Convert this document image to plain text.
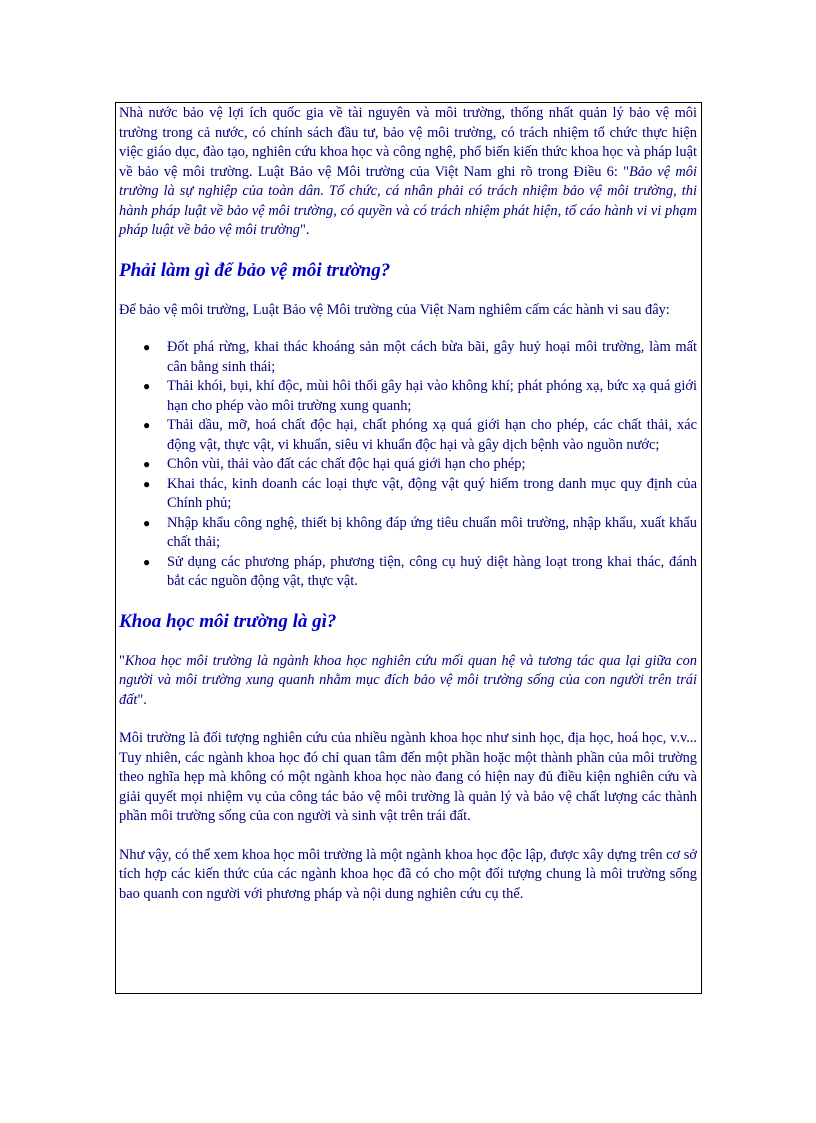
Nhà nước bảo vệ lợi ích quốc gia về tài nguyên và môi trường, thống nhất quản lý bảo vệ môi trường trong cả nước, có chính sách đầu tư, bảo vệ môi trường, có trách nhiệm tổ chức thực hiện việc giáo dục, đào tạo, nghiên cứu khoa học và công nghệ, phổ biến kiến thức khoa học và pháp luật về bảo vệ môi trường. Luật Bảo vệ Môi trường của Việt Nam ghi rõ trong Điều 6: "Bảo vệ môi trường là sự nghiệp của toàn dân. Tổ chức, cá nhân phải có trách nhiệm bảo vệ môi trường, thi hành pháp luật về bảo vệ môi trường, có quyền và có trách nhiệm phát hiện, tố cáo hành vi vi phạm pháp luật về bảo vệ môi trường".

Phải làm gì để bảo vệ môi trường?

Để bảo vệ môi trường, Luật Bảo vệ Môi trường của Việt Nam nghiêm cấm các hành vi sau đây:

● Đốt phá rừng, khai thác khoáng sản một cách bừa bãi, gây huỷ hoại môi trường, làm mất cân bằng sinh thái;
● Thải khói, bụi, khí độc, mùi hôi thối gây hại vào không khí; phát phóng xạ, bức xạ quá giới hạn cho phép vào môi trường xung quanh;
● Thải dầu, mỡ, hoá chất độc hại, chất phóng xạ quá giới hạn cho phép, các chất thải, xác động vật, thực vật, vi khuẩn, siêu vi khuẩn độc hại và gây dịch bệnh vào nguồn nước;
● Chôn vùi, thải vào đất các chất độc hại quá giới hạn cho phép;
● Khai thác, kinh doanh các loại thực vật, động vật quý hiếm trong danh mục quy định của Chính phủ;
● Nhập khẩu công nghệ, thiết bị không đáp ứng tiêu chuẩn môi trường, nhập khẩu, xuất khẩu chất thải;
● Sử dụng các phương pháp, phương tiện, công cụ huỷ diệt hàng loạt trong khai thác, đánh bắt các nguồn động vật, thực vật.
Khoa học môi trường là gì?

"Khoa học môi trường là ngành khoa học nghiên cứu mối quan hệ và tương tác qua lại giữa con người và môi trường xung quanh nhằm mục đích bảo vệ môi trường sống của con người trên trái đất".

Môi trường là đối tượng nghiên cứu của nhiều ngành khoa học như sinh học, địa học, hoá học, v.v... Tuy nhiên, các ngành khoa học đó chỉ quan tâm đến một phần hoặc một thành phần của môi trường theo nghĩa hẹp mà không có một ngành khoa học nào đang có hiện nay đủ điều kiện nghiên cứu và giải quyết mọi nhiệm vụ của công tác bảo vệ môi trường là quản lý và bảo vệ chất lượng các thành phần môi trường sống của con người và sinh vật trên trái đất.

Như vậy, có thể xem khoa học môi trường là một ngành khoa học độc lập, được xây dựng trên cơ sở tích hợp các kiến thức của các ngành khoa học đã có cho một đối tượng chung là môi trường sống bao quanh con người với phương pháp và nội dung nghiên cứu cụ thể.
